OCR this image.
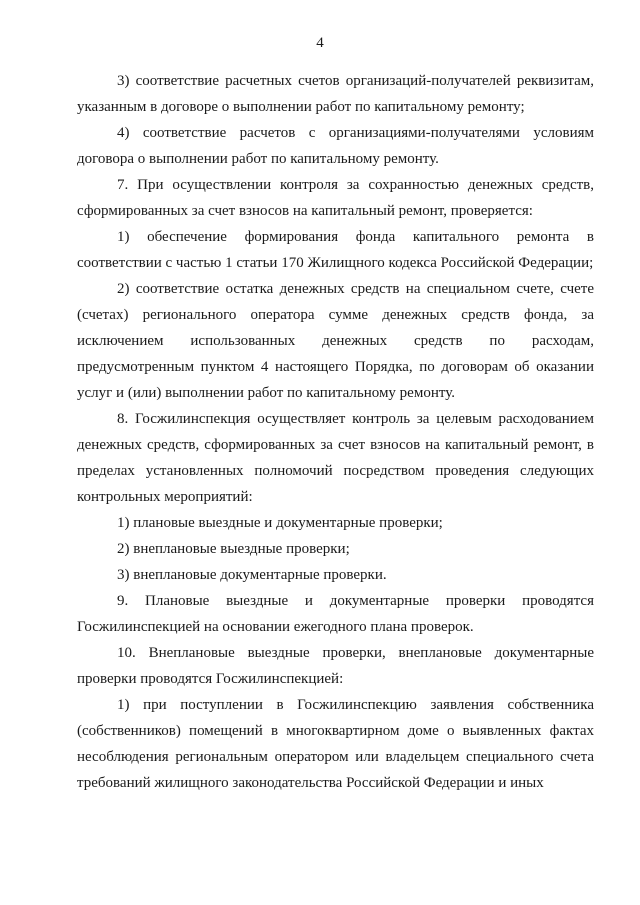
4

3) соответствие расчетных счетов организаций-получателей реквизитам, указанным в договоре о выполнении работ по капитальному ремонту;

4) соответствие расчетов с организациями-получателями условиям договора о выполнении работ по капитальному ремонту.

7. При осуществлении контроля за сохранностью денежных средств, сформированных за счет взносов на капитальный ремонт, проверяется:

1) обеспечение формирования фонда капитального ремонта в соответствии с частью 1 статьи 170 Жилищного кодекса Российской Федерации;

2) соответствие остатка денежных средств на специальном счете, счете (счетах) регионального оператора сумме денежных средств фонда, за исключением использованных денежных средств по расходам, предусмотренным пунктом 4 настоящего Порядка, по договорам об оказании услуг и (или) выполнении работ по капитальному ремонту.

8. Госжилинспекция осуществляет контроль за целевым расходованием денежных средств, сформированных за счет взносов на капитальный ремонт, в пределах установленных полномочий посредством проведения следующих контрольных мероприятий:

1) плановые выездные и документарные проверки;

2) внеплановые выездные проверки;

3) внеплановые документарные проверки.

9. Плановые выездные и документарные проверки проводятся Госжилинспекцией на основании ежегодного плана проверок.

10. Внеплановые выездные проверки, внеплановые документарные проверки проводятся Госжилинспекцией:

1) при поступлении в Госжилинспекцию заявления собственника (собственников) помещений в многоквартирном доме о выявленных фактах несоблюдения региональным оператором или владельцем специального счета требований жилищного законодательства Российской Федерации и иных
